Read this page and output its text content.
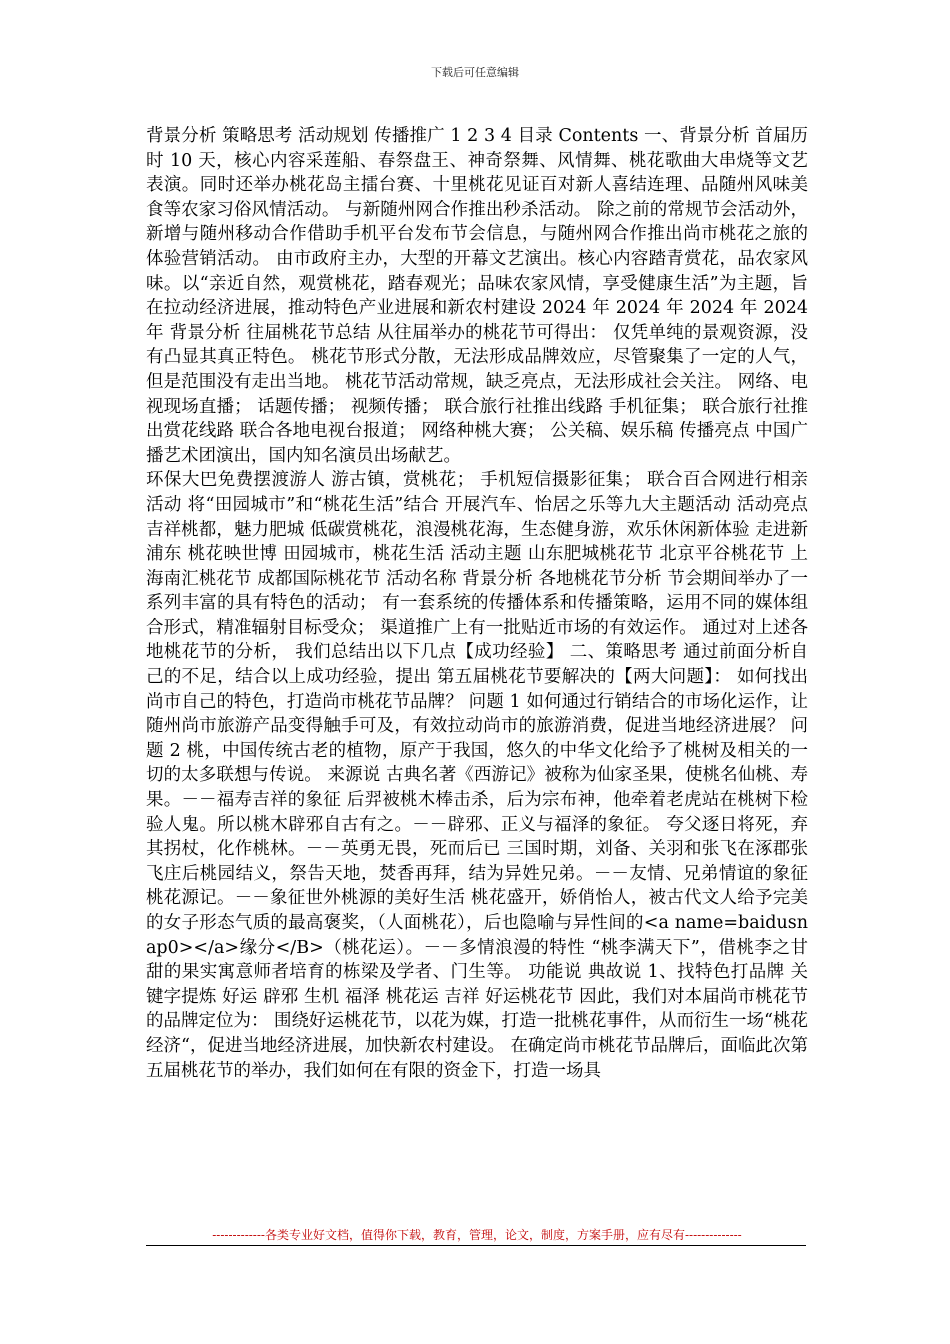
下载后可任意编辑

背景分析 策略思考 活动规划 传播推广 1 2 3 4 目录 Contents 一、背景分析 首届历时 10 天，核心内容采莲船、春祭盘王、神奇祭舞、风情舞、桃花歌曲大串烧等文艺表演。同时还举办桃花岛主擂台赛、十里桃花见证百对新人喜结连理、品随州风味美食等农家习俗风情活动。 与新随州网合作推出秒杀活动。 除之前的常规节会活动外，新增与随州移动合作借助手机平台发布节会信息，与随州网合作推出尚市桃花之旅的体验营销活动。 由市政府主办，大型的开幕文艺演出。核心内容踏青赏花，品农家风味。以“亲近自然，观赏桃花，踏春观光；品味农家风情，享受健康生活”为主题，旨在拉动经济进展，推动特色产业进展和新农村建设 2024 年 2024 年 2024 年 2024 年 背景分析 往届桃花节总结 从往届举办的桃花节可得出： 仅凭单纯的景观资源，没有凸显其真正特色。 桃花节形式分散，无法形成品牌效应，尽管聚集了一定的人气，但是范围没有走出当地。 桃花节活动常规，缺乏亮点，无法形成社会关注。 网络、电视现场直播； 话题传播； 视频传播； 联合旅行社推出线路 手机征集； 联合旅行社推出赏花线路 联合各地电视台报道； 网络种桃大赛； 公关稿、娱乐稿 传播亮点 中国广播艺术团演出，国内知名演员出场献艺。

环保大巴免费摆渡游人 游古镇，赏桃花； 手机短信摄影征集； 联合百合网进行相亲活动 将“田园城市”和“桃花生活”结合 开展汽车、怡居之乐等九大主题活动 活动亮点 吉祥桃都，魅力肥城 低碳赏桃花，浪漫桃花海，生态健身游，欢乐休闲新体验 走进新浦东 桃花映世博 田园城市，桃花生活 活动主题 山东肥城桃花节 北京平谷桃花节 上海南汇桃花节 成都国际桃花节 活动名称 背景分析 各地桃花节分析 节会期间举办了一系列丰富的具有特色的活动； 有一套系统的传播体系和传播策略，运用不同的媒体组合形式，精准辐射目标受众； 渠道推广上有一批贴近市场的有效运作。 通过对上述各地桃花节的分析， 我们总结出以下几点【成功经验】 二、策略思考 通过前面分析自己的不足，结合以上成功经验，提出 第五届桃花节要解决的【两大问题】： 如何找出尚市自己的特色，打造尚市桃花节品牌？ 问题 1 如何通过行销结合的市场化运作，让随州尚市旅游产品变得触手可及，有效拉动尚市的旅游消费，促进当地经济进展？ 问题 2 桃，中国传统古老的植物，原产于我国，悠久的中华文化给予了桃树及相关的一切的太多联想与传说。 来源说 古典名著《西游记》被称为仙家圣果，使桃名仙桃、寿果。－－福寿吉祥的象征 后羿被桃木棒击杀，后为宗布神，他牵着老虎站在桃树下检验人鬼。所以桃木辟邪自古有之。－－辟邪、正义与福泽的象征。 夸父逐日将死，弃其拐杖，化作桃林。－－英勇无畏，死而后已 三国时期，刘备、关羽和张飞在涿郡张飞庄后桃园结义，祭告天地，焚香再拜，结为异姓兄弟。－－友情、兄弟情谊的象征 桃花源记。－－象征世外桃源的美好生活 桃花盛开，娇俏怡人，被古代文人给予完美的女子形态气质的最高褒奖，（人面桃花），后也隐喻与异性间的<a name=baidusnap0></a>缘分</B>（桃花运）。－－多情浪漫的特性 “桃李满天下”，借桃李之甘甜的果实寓意师者培育的栋梁及学者、门生等。 功能说 典故说 1、找特色打品牌 关键字提炼 好运 辟邪 生机 福泽 桃花运 吉祥 好运桃花节 因此，我们对本届尚市桃花节的品牌定位为： 围绕好运桃花节，以花为媒，打造一批桃花事件，从而衍生一场“桃花经济“，促进当地经济进展，加快新农村建设。 在确定尚市桃花节品牌后，面临此次第五届桃花节的举办，我们如何在有限的资金下，打造一场具

-------------各类专业好文档，值得你下载，教育，管理，论文，制度，方案手册，应有尽有--------------
